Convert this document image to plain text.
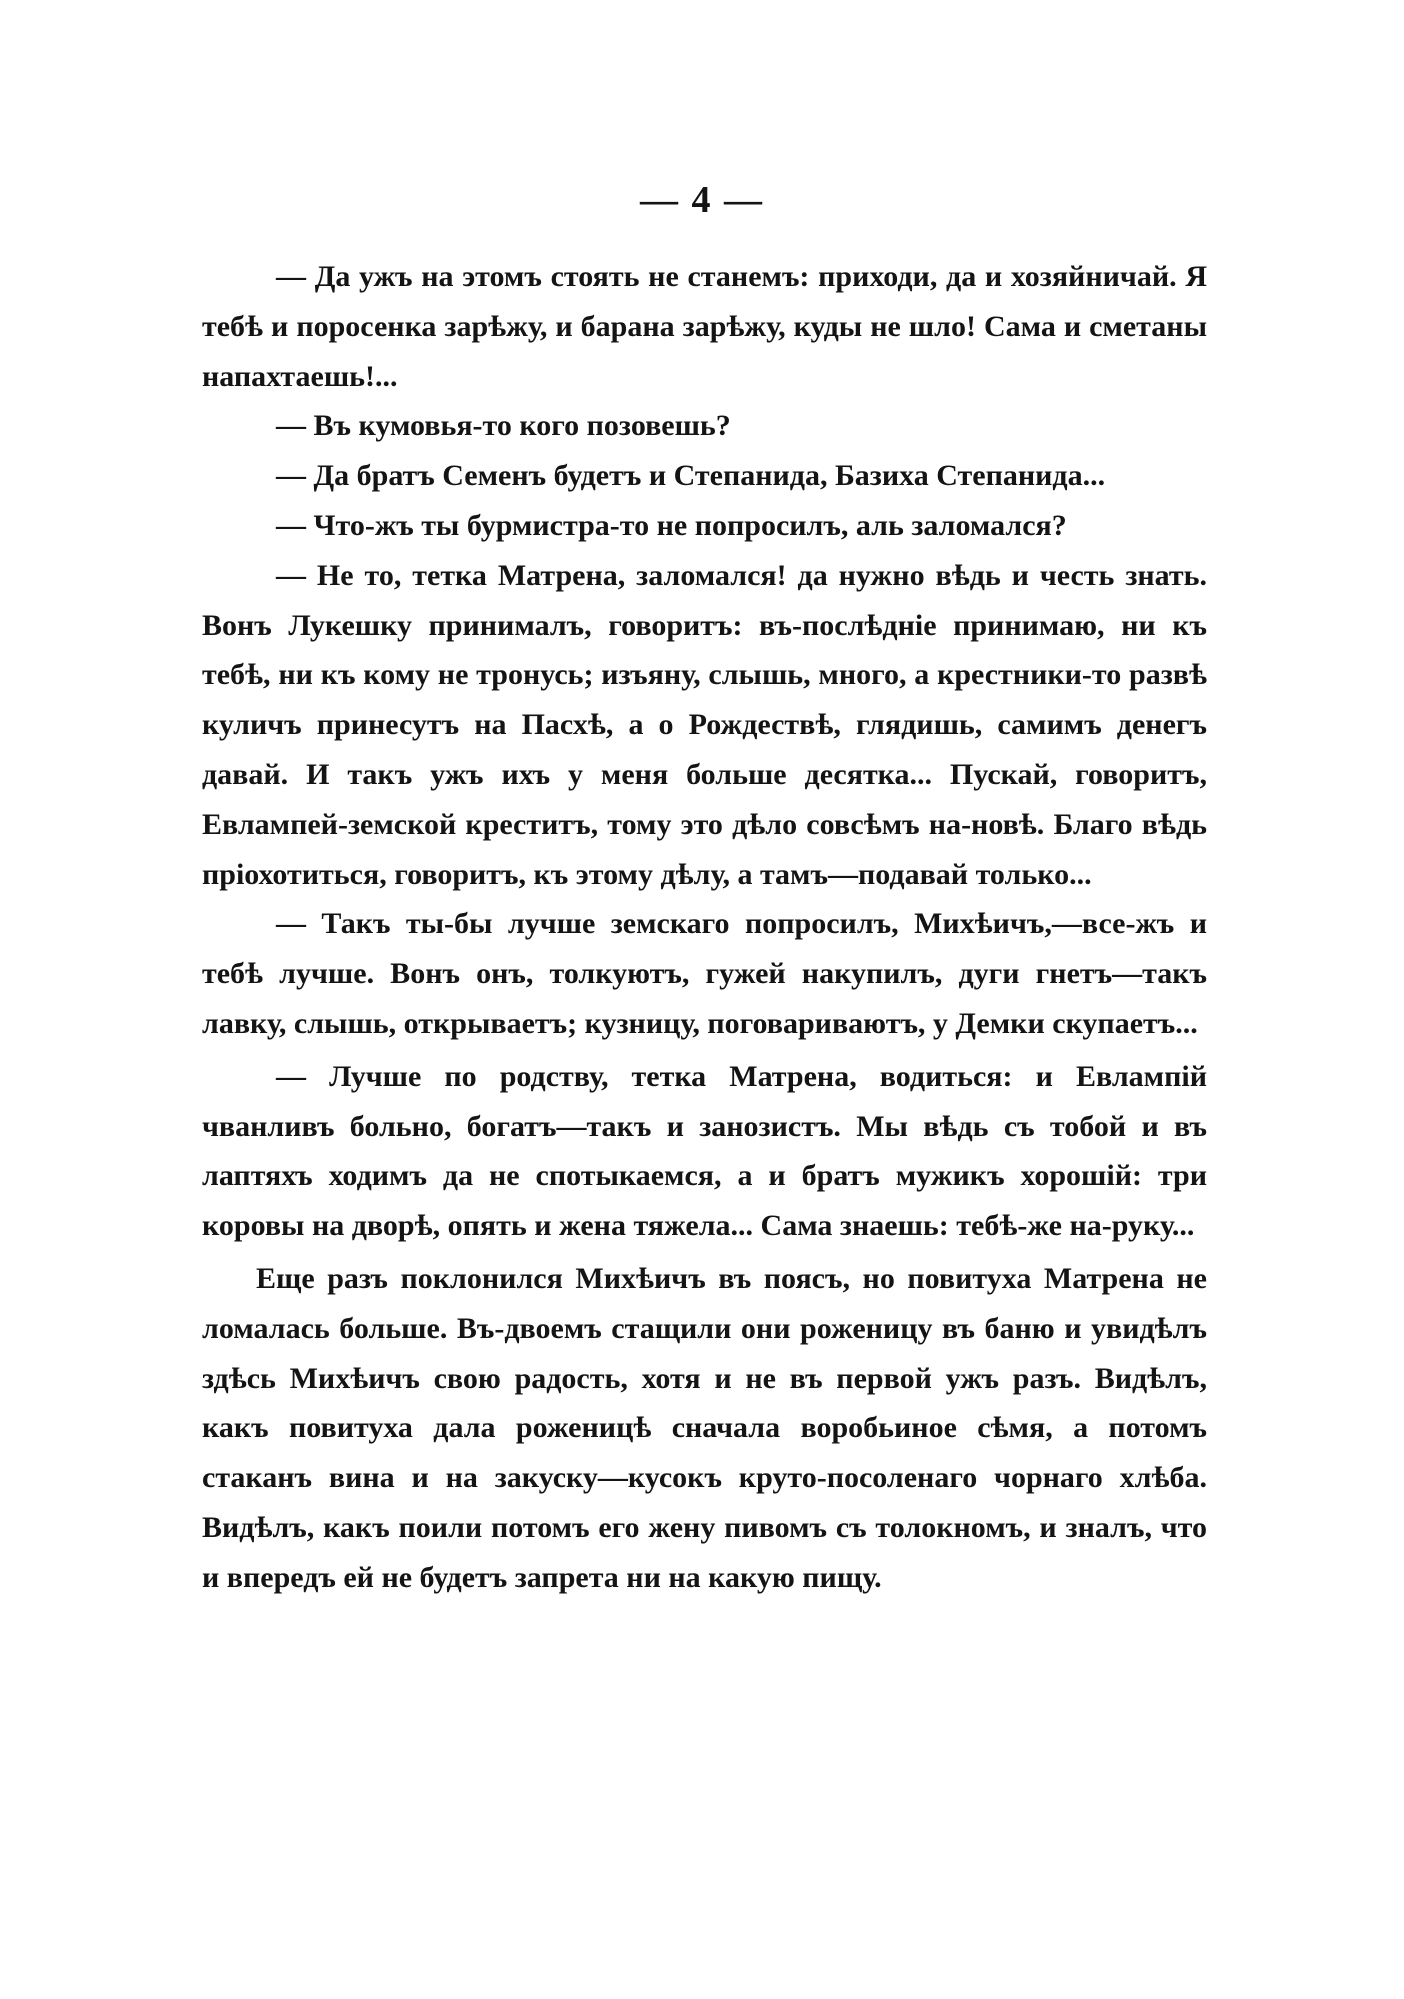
— 4 —

— Да ужъ на этомъ стоять не станемъ: приходи, да и хозяйничай. Я тебѣ и поросенка зарѣжу, и барана зарѣжу, куды не шло! Сама и сметаны напахтаешь!...

— Въ кумовья-то кого позовешь?

— Да братъ Семенъ будетъ и Степанида, Базиха Степанида...

— Что-жъ ты бурмистра-то не попросилъ, аль заломался?

— Не то, тетка Матрена, заломался! да нужно вѣдь и честь знать. Вонъ Лукешку принималъ, говоритъ: въ-послѣдніе принимаю, ни къ тебѣ, ни къ кому не тронусь; изъяну, слышь, много, а крестники-то развѣ куличъ принесутъ на Пасхѣ, а о Рождествѣ, глядишь, самимъ денегъ давай. И такъ ужъ ихъ у меня больше десятка... Пускай, говоритъ, Евлампей-земской креститъ, тому это дѣло совсѣмъ на-новѣ. Благо вѣдь пріохотиться, говоритъ, къ этому дѣлу, а тамъ—подавай только...

— Такъ ты-бы лучше земскаго попросилъ, Михѣичъ,—все-жъ и тебѣ лучше. Вонъ онъ, толкуютъ, гужей накупилъ, дуги гнетъ—такъ лавку, слышь, открываетъ; кузницу, поговариваютъ, у Демки скупаетъ...

— Лучше по родству, тетка Матрена, водиться: и Евлампій чванливъ больно, богатъ—такъ и занозистъ. Мы вѣдь съ тобой и въ лаптяхъ ходимъ да не спотыкаемся, а и братъ мужикъ хорошій: три коровы на дворѣ, опять и жена тяжела... Сама знаешь: тебѣ-же на-руку...

Еще разъ поклонился Михѣичъ въ поясъ, но повитуха Матрена не ломалась больше. Въ-двоемъ стащили они роженицу въ баню и увидѣлъ здѣсь Михѣичъ свою радость, хотя и не въ первой ужъ разъ. Видѣлъ, какъ повитуха дала роженицѣ сначала воробьиное сѣмя, а потомъ стаканъ вина и на закуску—кусокъ круто-посоленаго чорнаго хлѣба. Видѣлъ, какъ поили потомъ его жену пивомъ съ толокномъ, и зналъ, что и впередъ ей не будетъ запрета ни на какую пищу.
